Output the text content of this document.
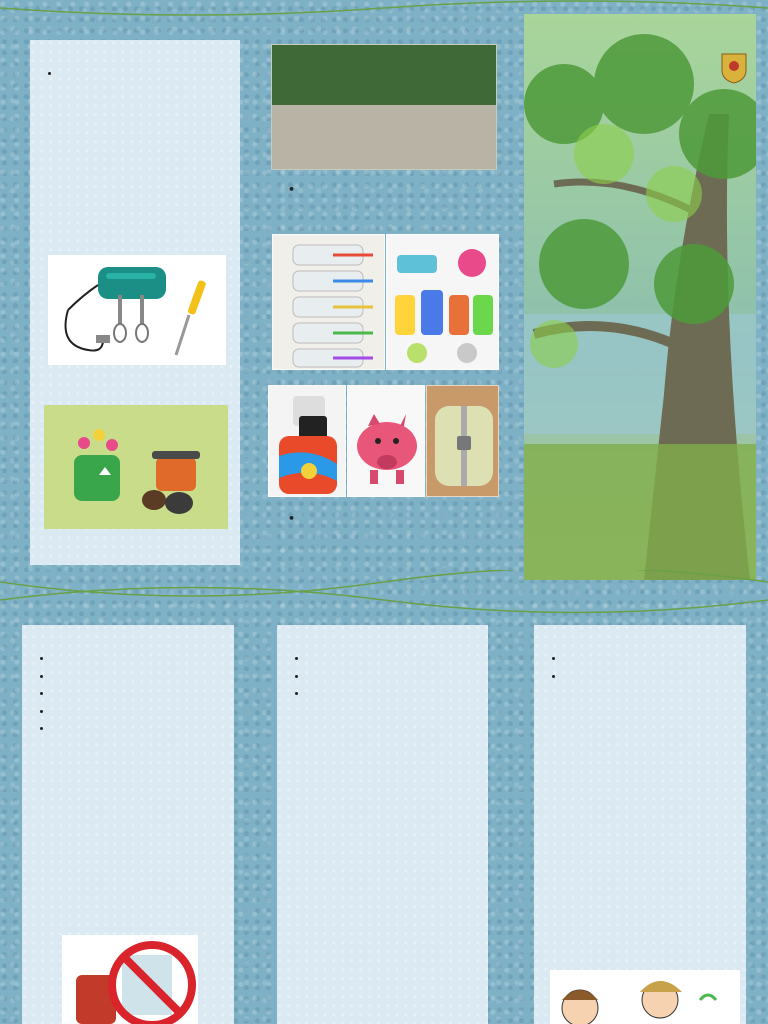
•
•
•
•
•
•
•
•
•
•
•
•
•
